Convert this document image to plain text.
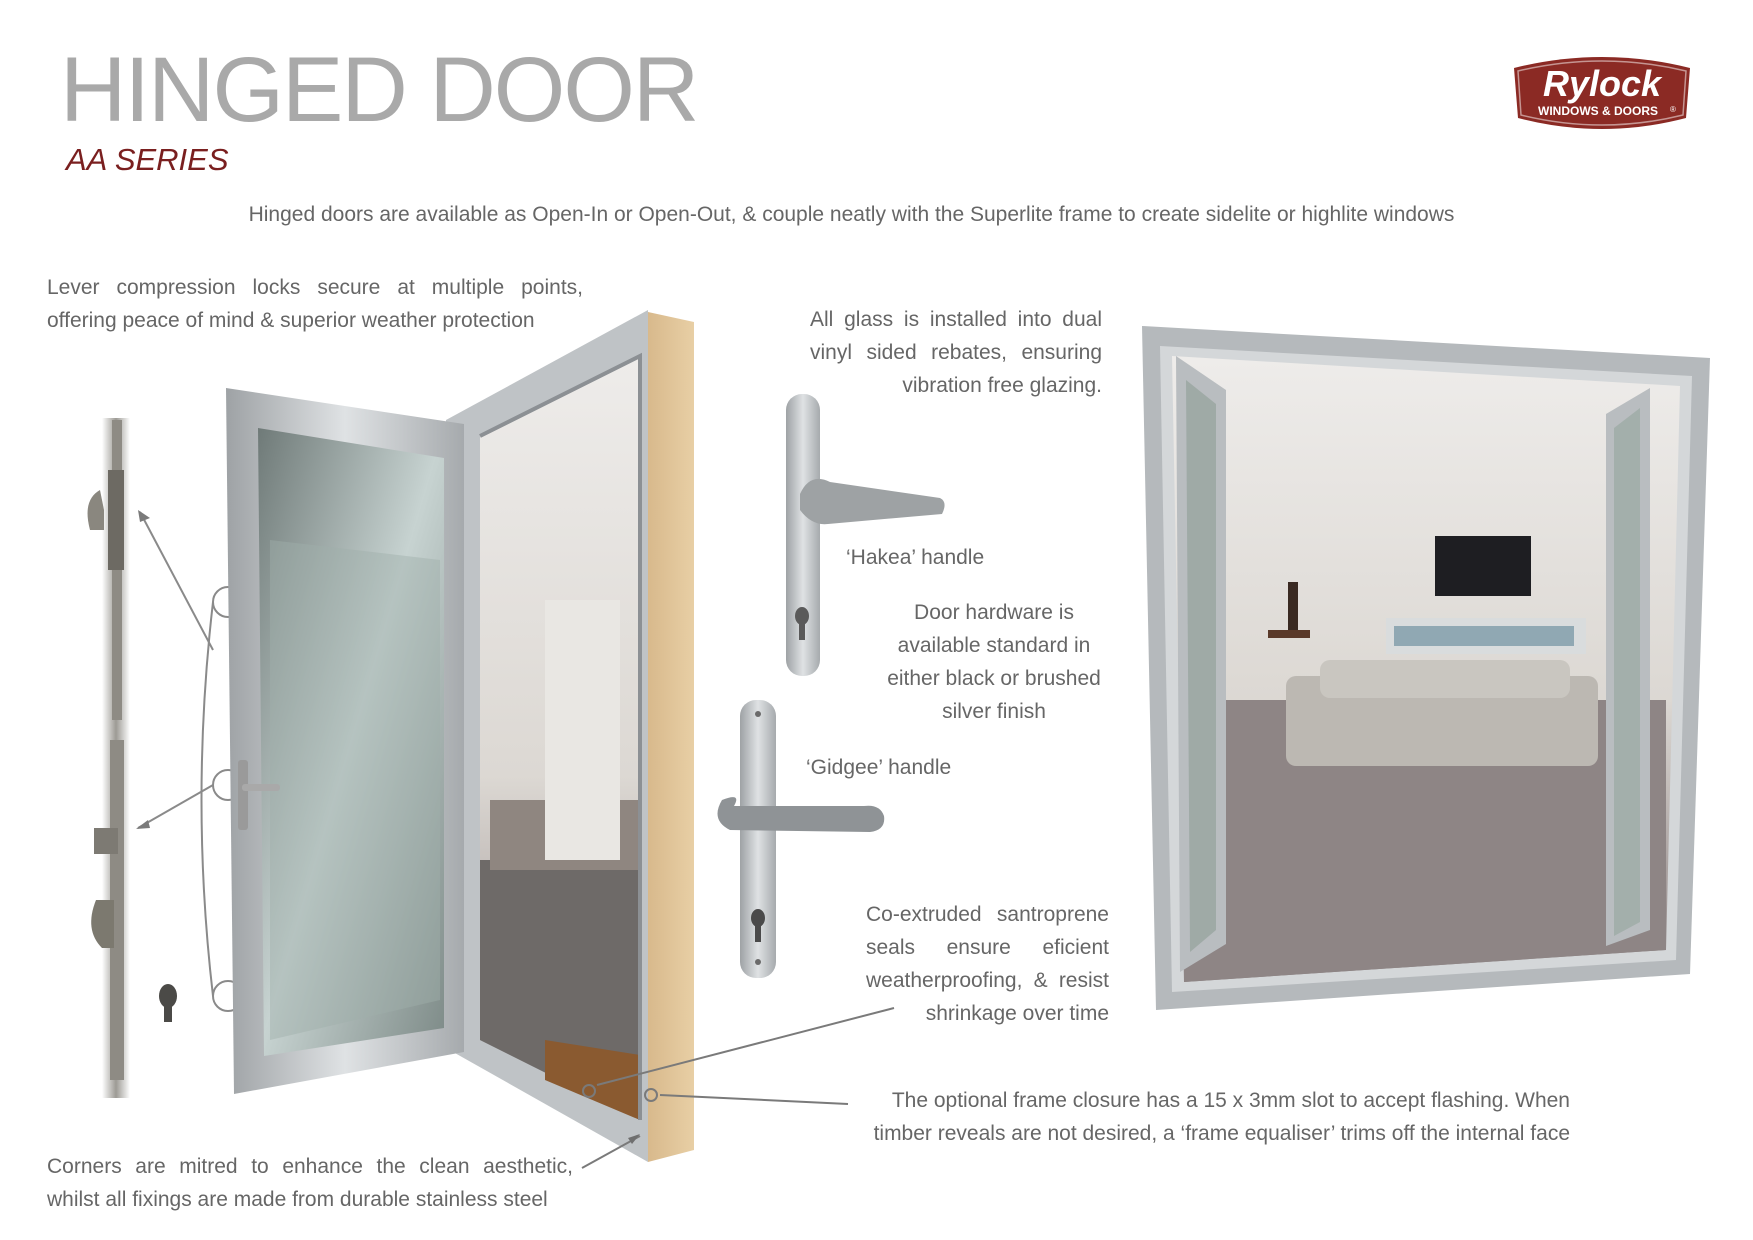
HINGED DOOR
AA SERIES
Hinged doors are available as Open-In or Open-Out, & couple neatly with the Superlite frame to create sidelite or highlite windows
Rylock
WINDOWS & DOORS ®
Lever compression locks secure at multiple points,
offering peace of mind & superior weather protection	All glass is installed into dual
vinyl sided rebates, ensuring
vibration free glazing.
‘Hakea’ handle
Door hardware is
available standard in
either black or brushed
silver finish
‘Gidgee’ handle
Co-extruded santroprene
seals ensure eficient
weatherproofing, & resist
shrinkage over time
The optional frame closure has a 15 x 3mm slot to accept flashing. When
timber reveals are not desired, a ‘frame equaliser’ trims off the internal face
Corners are mitred to enhance the clean aesthetic,
whilst all fixings are made from durable stainless steel
